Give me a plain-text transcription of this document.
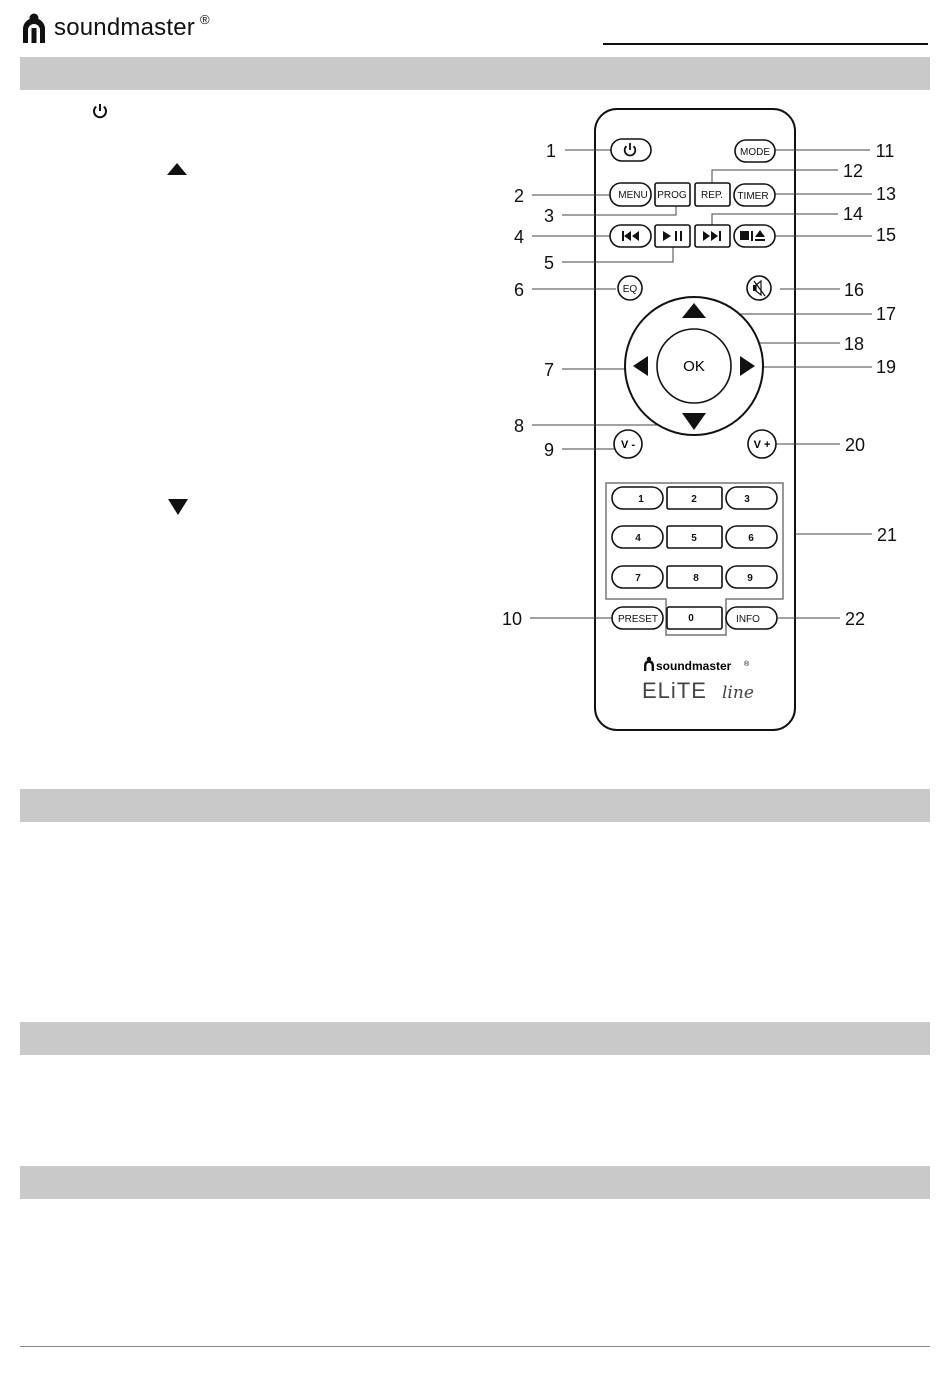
soundmaster ®
1
2
3
4
5
6
7
8
9
10
11
12
13
14
15
16
17
18
19
20
21
22
MODE
MENU PROG REP. TIMER
EQ
OK
V -	V +
1	2	3
4	5	6
7	8	9
PRESET	0	INFO
soundmaster ®
ELiTE line
